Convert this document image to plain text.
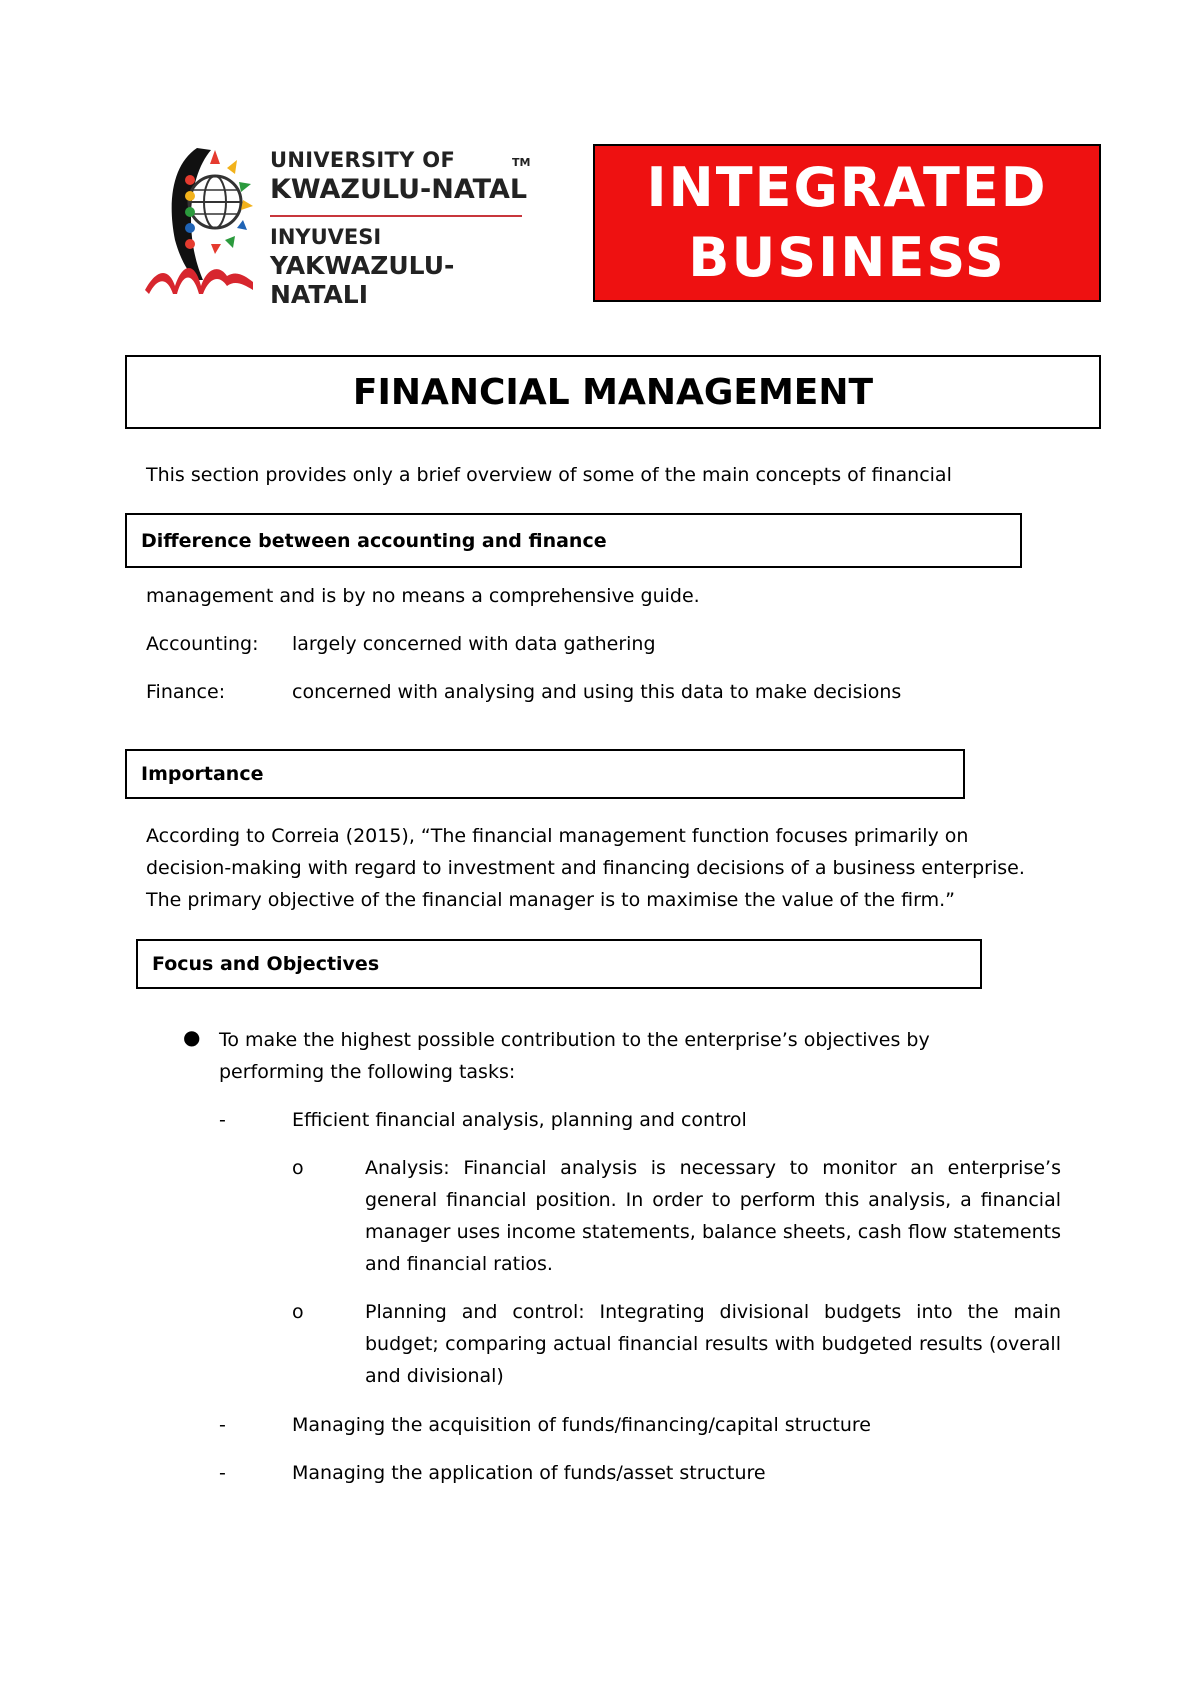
UNIVERSITY OF
KWAZULU-NATAL
INYUVESI
YAKWAZULU-NATALI
TM INTEGRATED
BUSINESS
FINANCIAL MANAGEMENT
This section provides only a brief overview of some of the main concepts of financial
Difference between accounting and finance
management and is by no means a comprehensive guide.
Accounting: largely concerned with data gathering
Finance:	concerned with analysing and using this data to make decisions
Importance
According to Correia (2015), “The financial management function focuses primarily on
decision-making with regard to investment and financing decisions of a business enterprise.
The primary objective of the financial manager is to maximise the value of the firm.”
Focus and Objectives
● To make the highest possible contribution to the enterprise’s objectives by performing the following tasks:
-	Efficient financial analysis, planning and control
o	Analysis: Financial analysis is necessary to monitor an enterprise’s general financial position. In order to perform this analysis, a financial manager uses income statements, balance sheets, cash flow statements and financial ratios.
o	Planning and control: Integrating divisional budgets into the main budget; comparing actual financial results with budgeted results (overall and divisional)
-	Managing the acquisition of funds/financing/capital structure
-	Managing the application of funds/asset structure
